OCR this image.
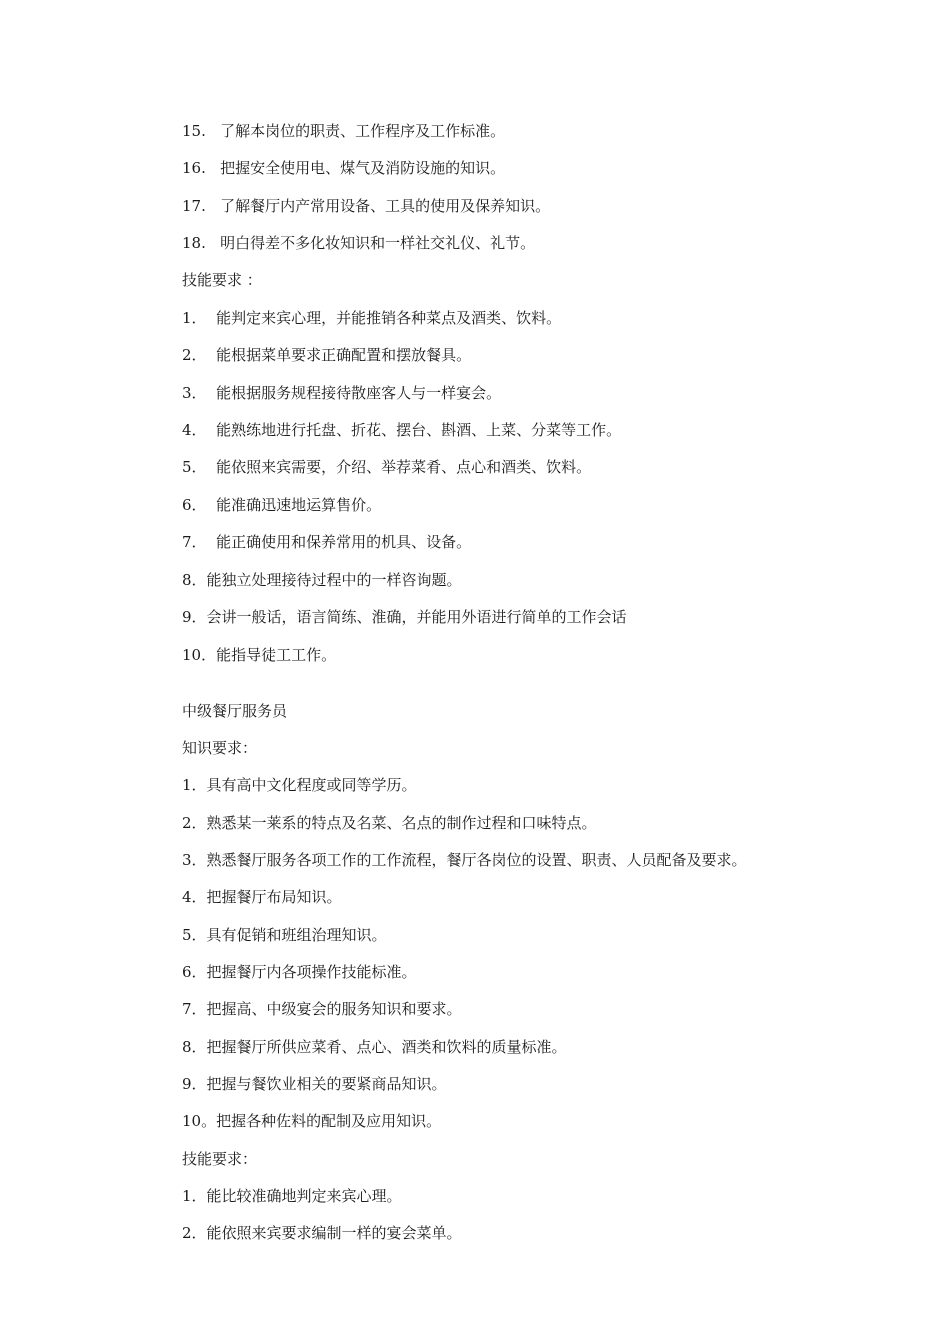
15.   了解本岗位的职责、工作程序及工作标准。
16.   把握安全使用电、煤气及消防设施的知识。
17.   了解餐厅内产常用设备、工具的使用及保养知识。
18.   明白得差不多化妆知识和一样社交礼仪、礼节。
技能要求 ：
1．  能判定来宾心理，并能推销各种菜点及酒类、饮料。
2．  能根据菜单要求正确配置和摆放餐具。
3．  能根据服务规程接待散座客人与一样宴会。
4．  能熟练地进行托盘、折花、摆台、斟酒、上菜、分菜等工作。
5．  能依照来宾需要，介绍、举荐菜肴、点心和酒类、饮料。
6．  能准确迅速地运算售价。
7．  能正确使用和保养常用的机具、设备。
8．能独立处理接待过程中的一样咨询题。
9．会讲一般话，语言简练、淮确，并能用外语进行简单的工作会话
10．能指导徒工工作。
中级餐厅服务员
知识要求：
1．具有高中文化程度或同等学历。
2．熟悉某一莱系的特点及名菜、名点的制作过程和口味特点。
3．熟悉餐厅服务各项工作的工作流程，餐厅各岗位的设置、职责、人员配备及要求。
4．把握餐厅布局知识。
5．具有促销和班组治理知识。
6．把握餐厅内各项操作技能标准。
7．把握高、中级宴会的服务知识和要求。
8．把握餐厅所供应菜肴、点心、酒类和饮料的质量标准。
9．把握与餐饮业相关的要紧商品知识。
10。把握各种佐料的配制及应用知识。
技能要求：
1．能比较准确地判定来宾心理。
2．能依照来宾要求编制一样的宴会菜单。
